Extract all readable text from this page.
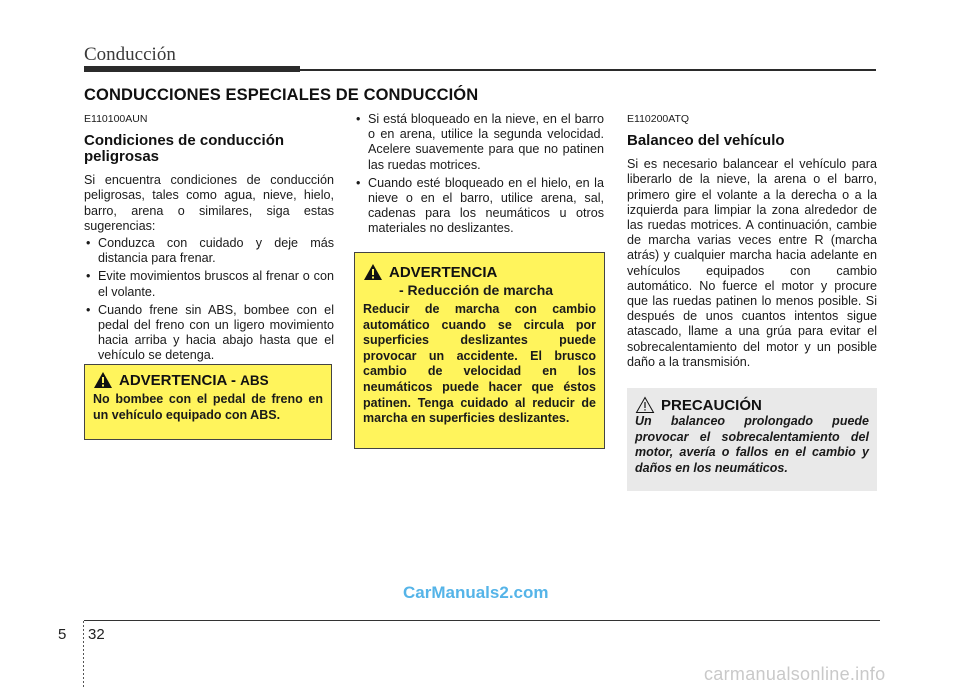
Conducción
CONDUCCIONES ESPECIALES DE CONDUCCIÓN
E110100AUN
Condiciones de conducción peligrosas
Si encuentra condiciones de conducción peligrosas, tales como agua, nieve, hielo, barro, arena o similares, siga estas sugerencias:
• Conduzca con cuidado y deje más distancia para frenar.
• Evite movimientos bruscos al frenar o con el volante.
• Cuando frene sin ABS, bombee con el pedal del freno con un ligero movimiento hacia arriba y hacia abajo hasta que el vehículo se detenga.
ADVERTENCIA - ABS
No bombee con el pedal de freno en un vehículo equipado con ABS.
• Si está bloqueado en la nieve, en el barro o en arena, utilice la segunda velocidad. Acelere suavemente para que no patinen las ruedas motrices.
• Cuando esté bloqueado en el hielo, en la nieve o en el barro, utilice arena, sal, cadenas para los neumáticos u otros materiales no deslizantes.
ADVERTENCIA
- Reducción de marcha
Reducir de marcha con cambio automático cuando se circula por superficies deslizantes puede provocar un accidente. El brusco cambio de velocidad en los neumáticos puede hacer que éstos patinen. Tenga cuidado al reducir de marcha en superficies deslizantes.
E110200ATQ
Balanceo del vehículo
Si es necesario balancear el vehículo para liberarlo de la nieve, la arena o el barro, primero gire el volante a la derecha o a la izquierda para limpiar la zona alrededor de las ruedas motrices. A continuación, cambie de marcha varias veces entre R (marcha atrás) y cualquier marcha hacia adelante en vehículos equipados con cambio automático. No fuerce el motor y procure que las ruedas patinen lo menos posible. Si después de unos cuantos intentos sigue atascado, llame a una grúa para evitar el sobrecalentamiento del motor y un posible daño a la transmisión.
PRECAUCIÓN
Un balanceo prolongado puede provocar el sobrecalentamiento del motor, avería o fallos en el cambio y daños en los neumáticos.
CarManuals2.com
5 32
carmanualsonline.info
